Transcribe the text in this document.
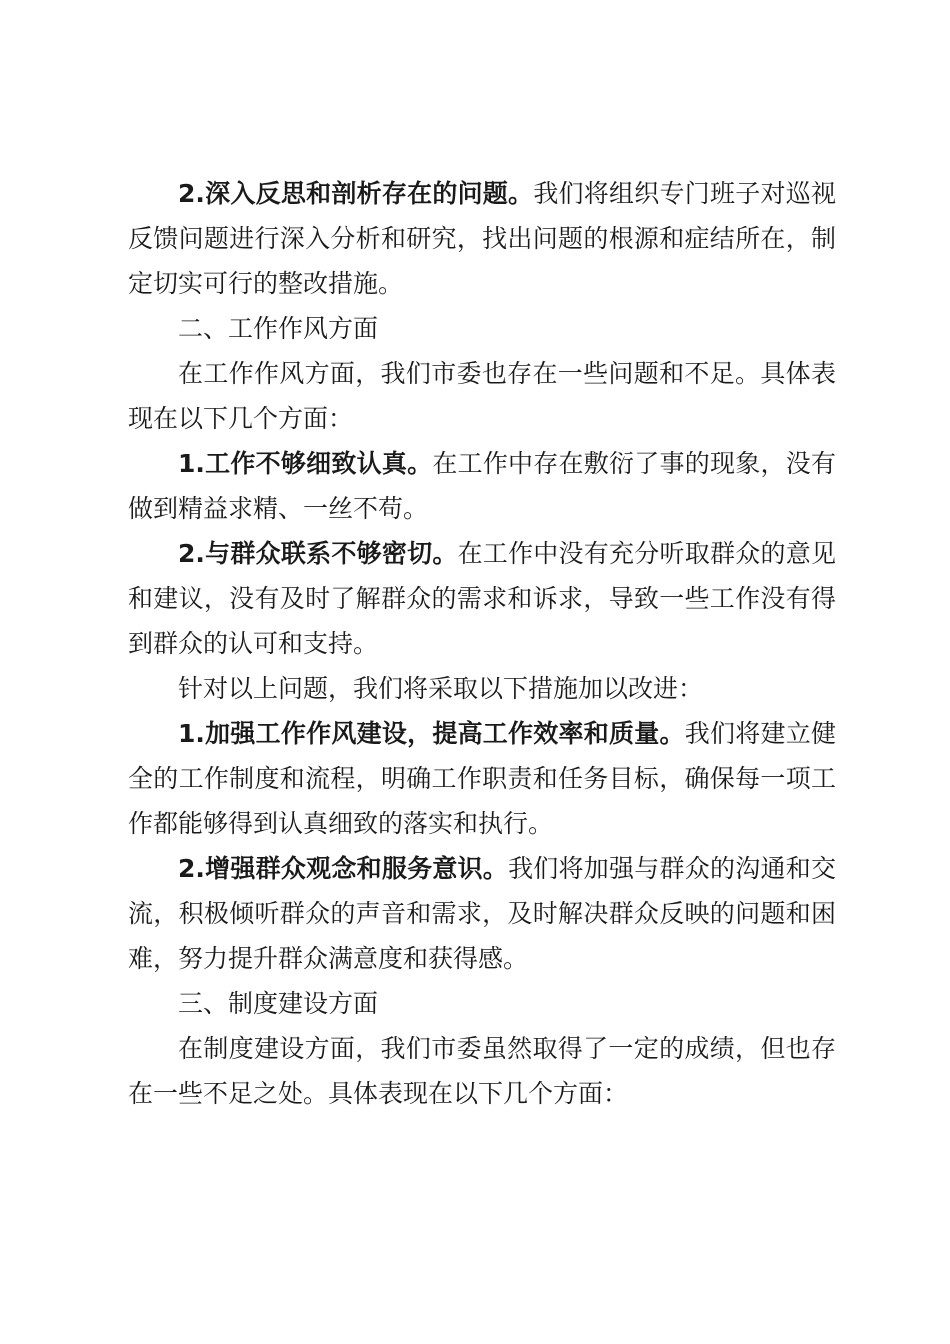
2.深入反思和剖析存在的问题。我们将组织专门班子对巡视反馈问题进行深入分析和研究，找出问题的根源和症结所在，制定切实可行的整改措施。

二、工作作风方面

在工作作风方面，我们市委也存在一些问题和不足。具体表现在以下几个方面：

1.工作不够细致认真。在工作中存在敷衍了事的现象，没有做到精益求精、一丝不苟。

2.与群众联系不够密切。在工作中没有充分听取群众的意见和建议，没有及时了解群众的需求和诉求，导致一些工作没有得到群众的认可和支持。

针对以上问题，我们将采取以下措施加以改进：

1.加强工作作风建设，提高工作效率和质量。我们将建立健全的工作制度和流程，明确工作职责和任务目标，确保每一项工作都能够得到认真细致的落实和执行。

2.增强群众观念和服务意识。我们将加强与群众的沟通和交流，积极倾听群众的声音和需求，及时解决群众反映的问题和困难，努力提升群众满意度和获得感。

三、制度建设方面

在制度建设方面，我们市委虽然取得了一定的成绩，但也存在一些不足之处。具体表现在以下几个方面：
